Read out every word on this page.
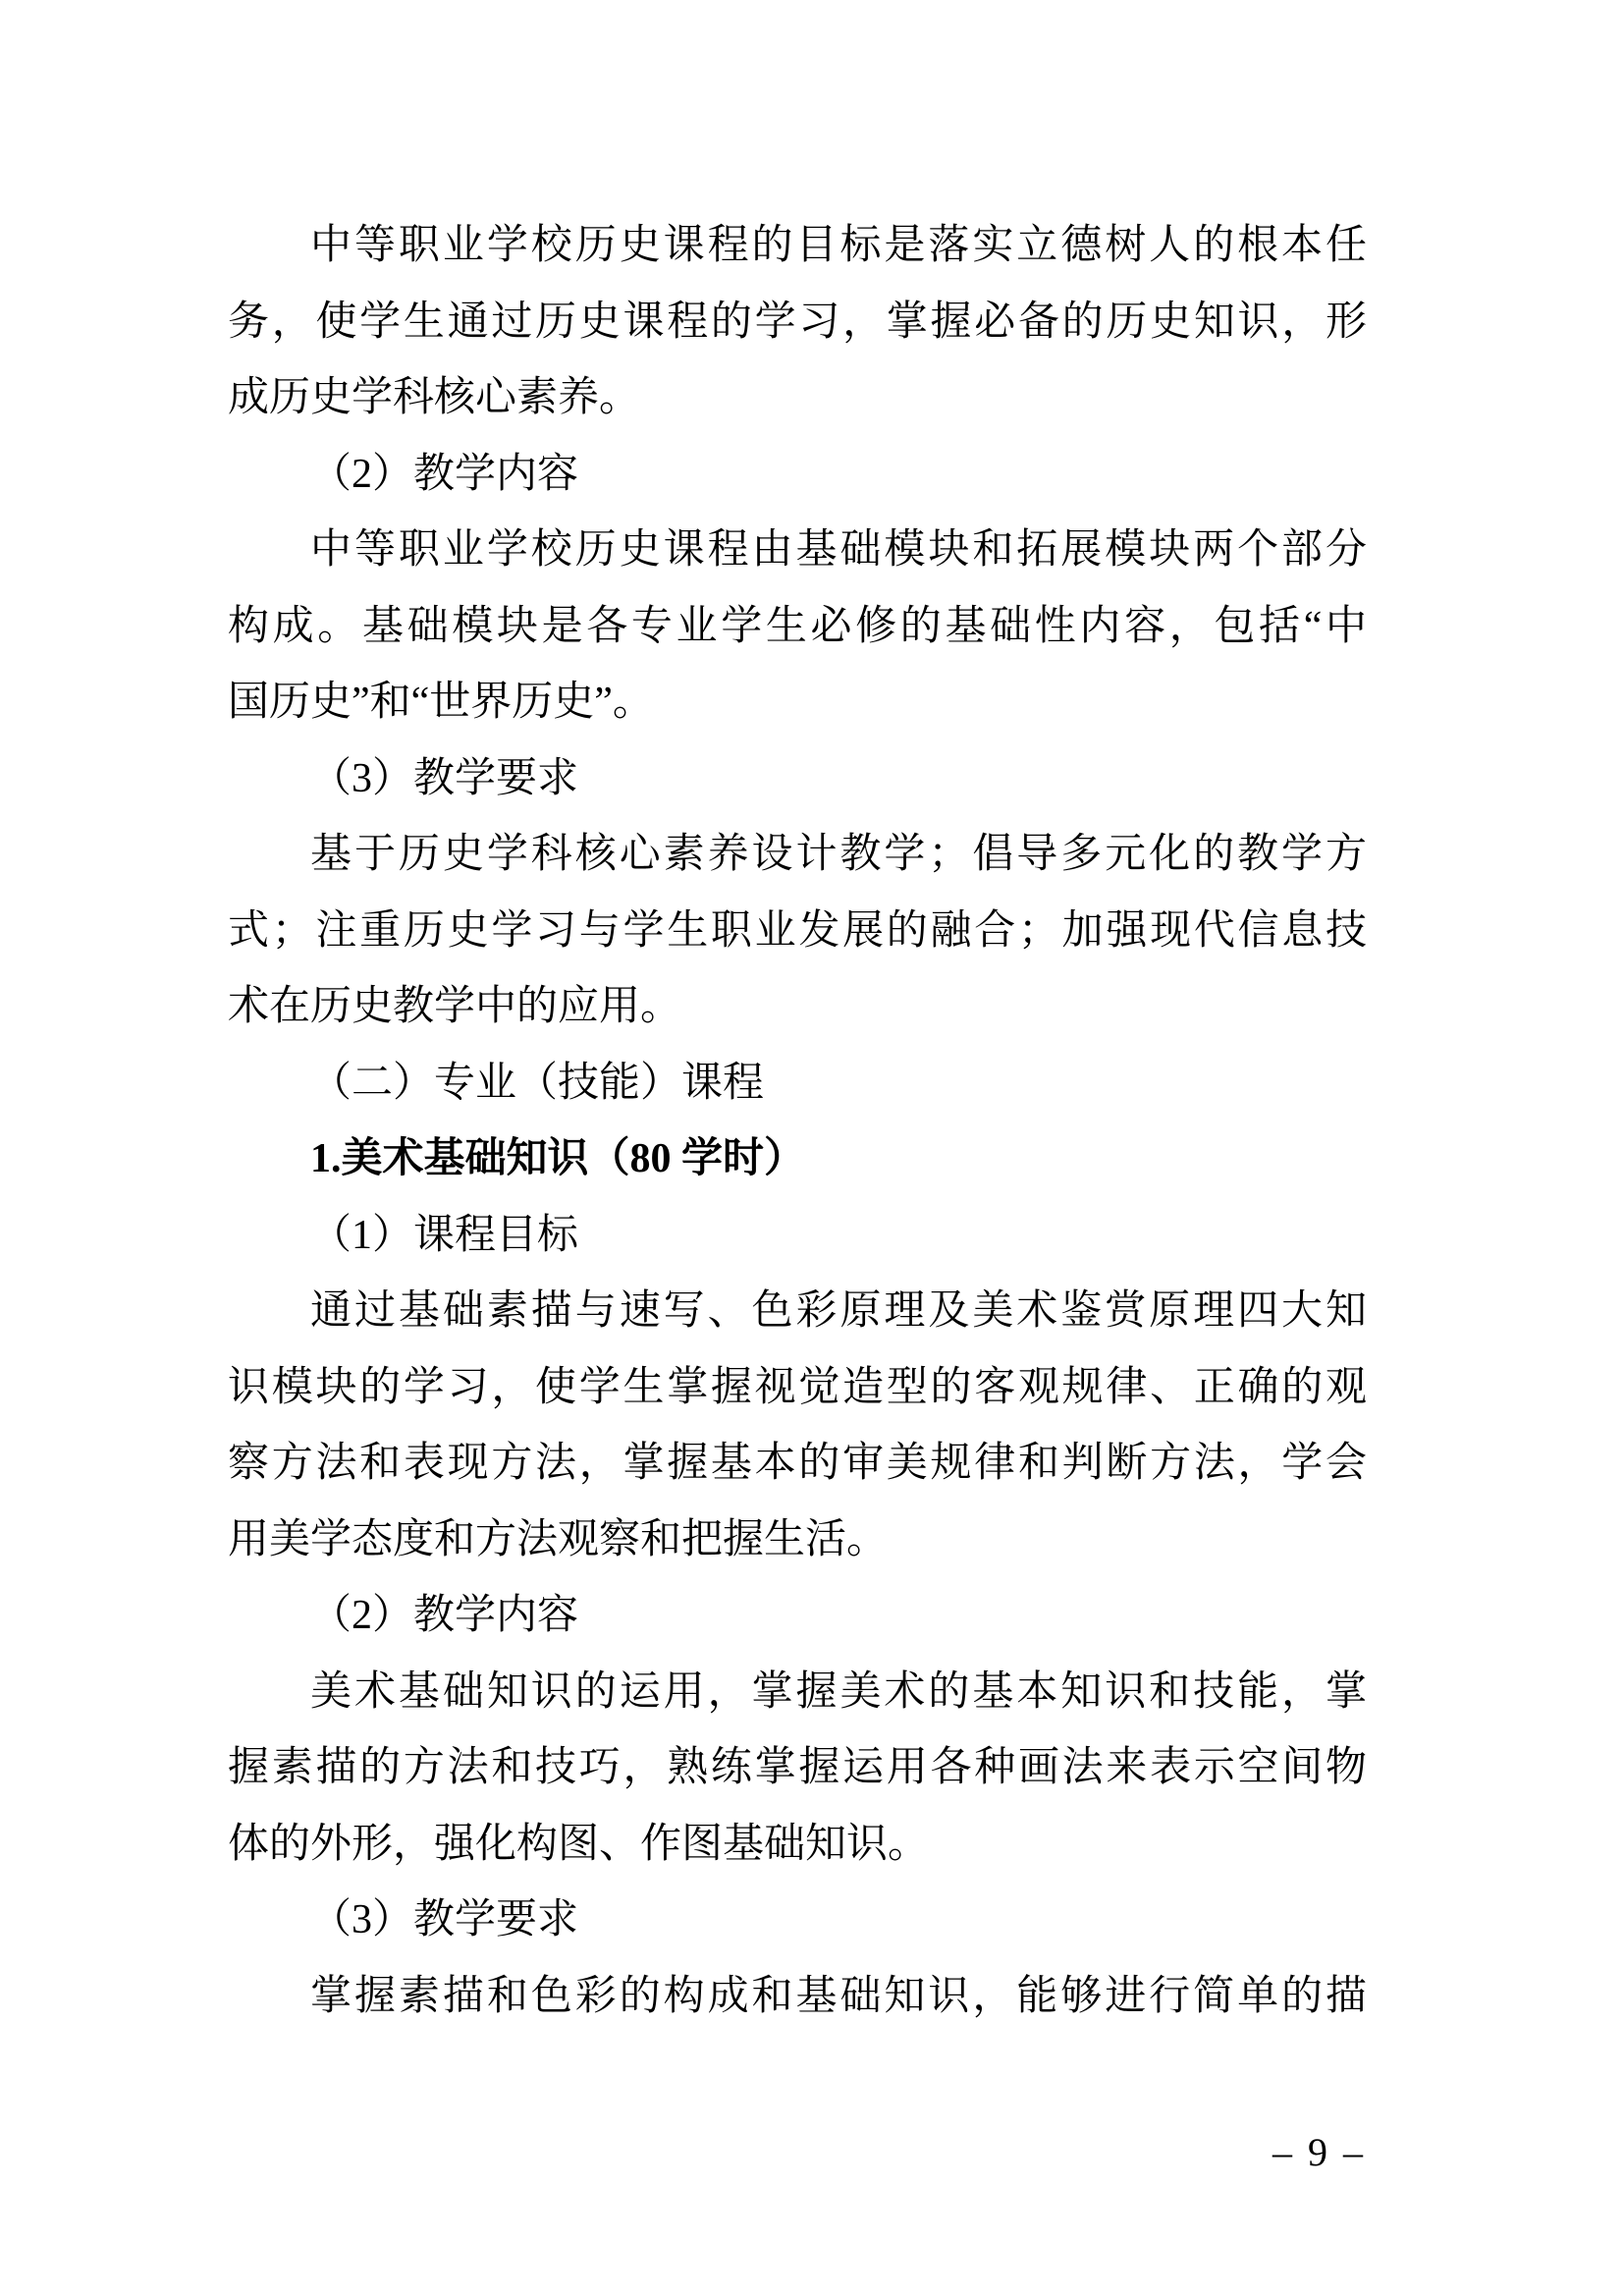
中等职业学校历史课程的目标是落实立德树人的根本任
务，使学生通过历史课程的学习，掌握必备的历史知识，形
成历史学科核心素养。
（2）教学内容
中等职业学校历史课程由基础模块和拓展模块两个部分
构成。基础模块是各专业学生必修的基础性内容，包括“中
国历史”和“世界历史”。
（3）教学要求
基于历史学科核心素养设计教学；倡导多元化的教学方
式；注重历史学习与学生职业发展的融合；加强现代信息技
术在历史教学中的应用。
（二）专业（技能）课程
1.美术基础知识（80 学时）
（1）课程目标
通过基础素描与速写、色彩原理及美术鉴赏原理四大知
识模块的学习，使学生掌握视觉造型的客观规律、正确的观
察方法和表现方法，掌握基本的审美规律和判断方法，学会
用美学态度和方法观察和把握生活。
（2）教学内容
美术基础知识的运用，掌握美术的基本知识和技能，掌
握素描的方法和技巧，熟练掌握运用各种画法来表示空间物
体的外形，强化构图、作图基础知识。
（3）教学要求
掌握素描和色彩的构成和基础知识，能够进行简单的描
– 9 –
